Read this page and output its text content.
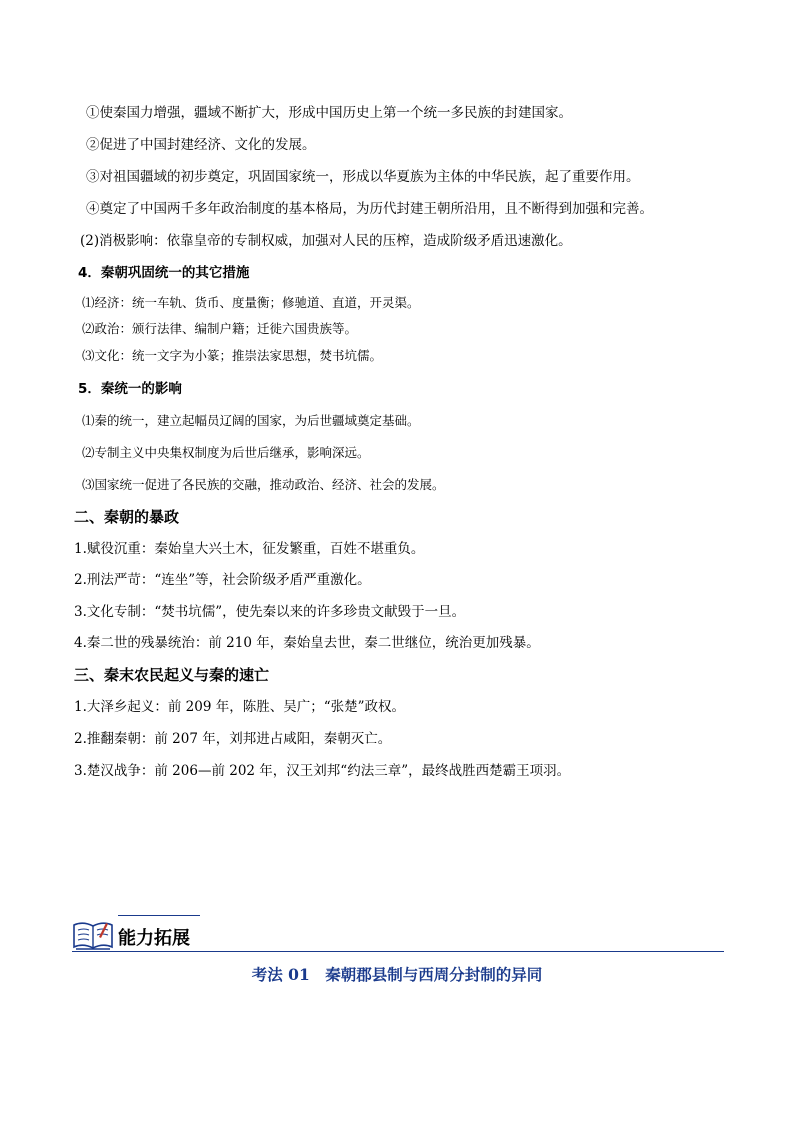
①使秦国力增强，疆域不断扩大，形成中国历史上第一个统一多民族的封建国家。
②促进了中国封建经济、文化的发展。
③对祖国疆域的初步奠定，巩固国家统一，形成以华夏族为主体的中华民族，起了重要作用。
④奠定了中国两千多年政治制度的基本格局，为历代封建王朝所沿用，且不断得到加强和完善。
(2)消极影响：依靠皇帝的专制权威，加强对人民的压榨，造成阶级矛盾迅速激化。
4．秦朝巩固统一的其它措施
⑴经济：统一车轨、货币、度量衡；修驰道、直道，开灵渠。
⑵政治：颁行法律、编制户籍；迁徙六国贵族等。
⑶文化：统一文字为小篆；推崇法家思想，焚书坑儒。
5．秦统一的影响
⑴秦的统一，建立起幅员辽阔的国家，为后世疆域奠定基础。
⑵专制主义中央集权制度为后世后继承，影响深远。
⑶国家统一促进了各民族的交融，推动政治、经济、社会的发展。
二、秦朝的暴政
1.赋役沉重：秦始皇大兴土木，征发繁重，百姓不堪重负。
2.刑法严苛：“连坐”等，社会阶级矛盾严重激化。
3.文化专制：“焚书坑儒”，使先秦以来的许多珍贵文献毁于一旦。
4.秦二世的残暴统治：前 210 年，秦始皇去世，秦二世继位，统治更加残暴。
三、秦末农民起义与秦的速亡
1.大泽乡起义：前 209 年，陈胜、吴广；“张楚”政权。
2.推翻秦朝：前 207 年，刘邦进占咸阳，秦朝灭亡。
3.楚汉战争：前 206—前 202 年，汉王刘邦“约法三章”，最终战胜西楚霸王项羽。
能力拓展
考法 01　秦朝郡县制与西周分封制的异同
